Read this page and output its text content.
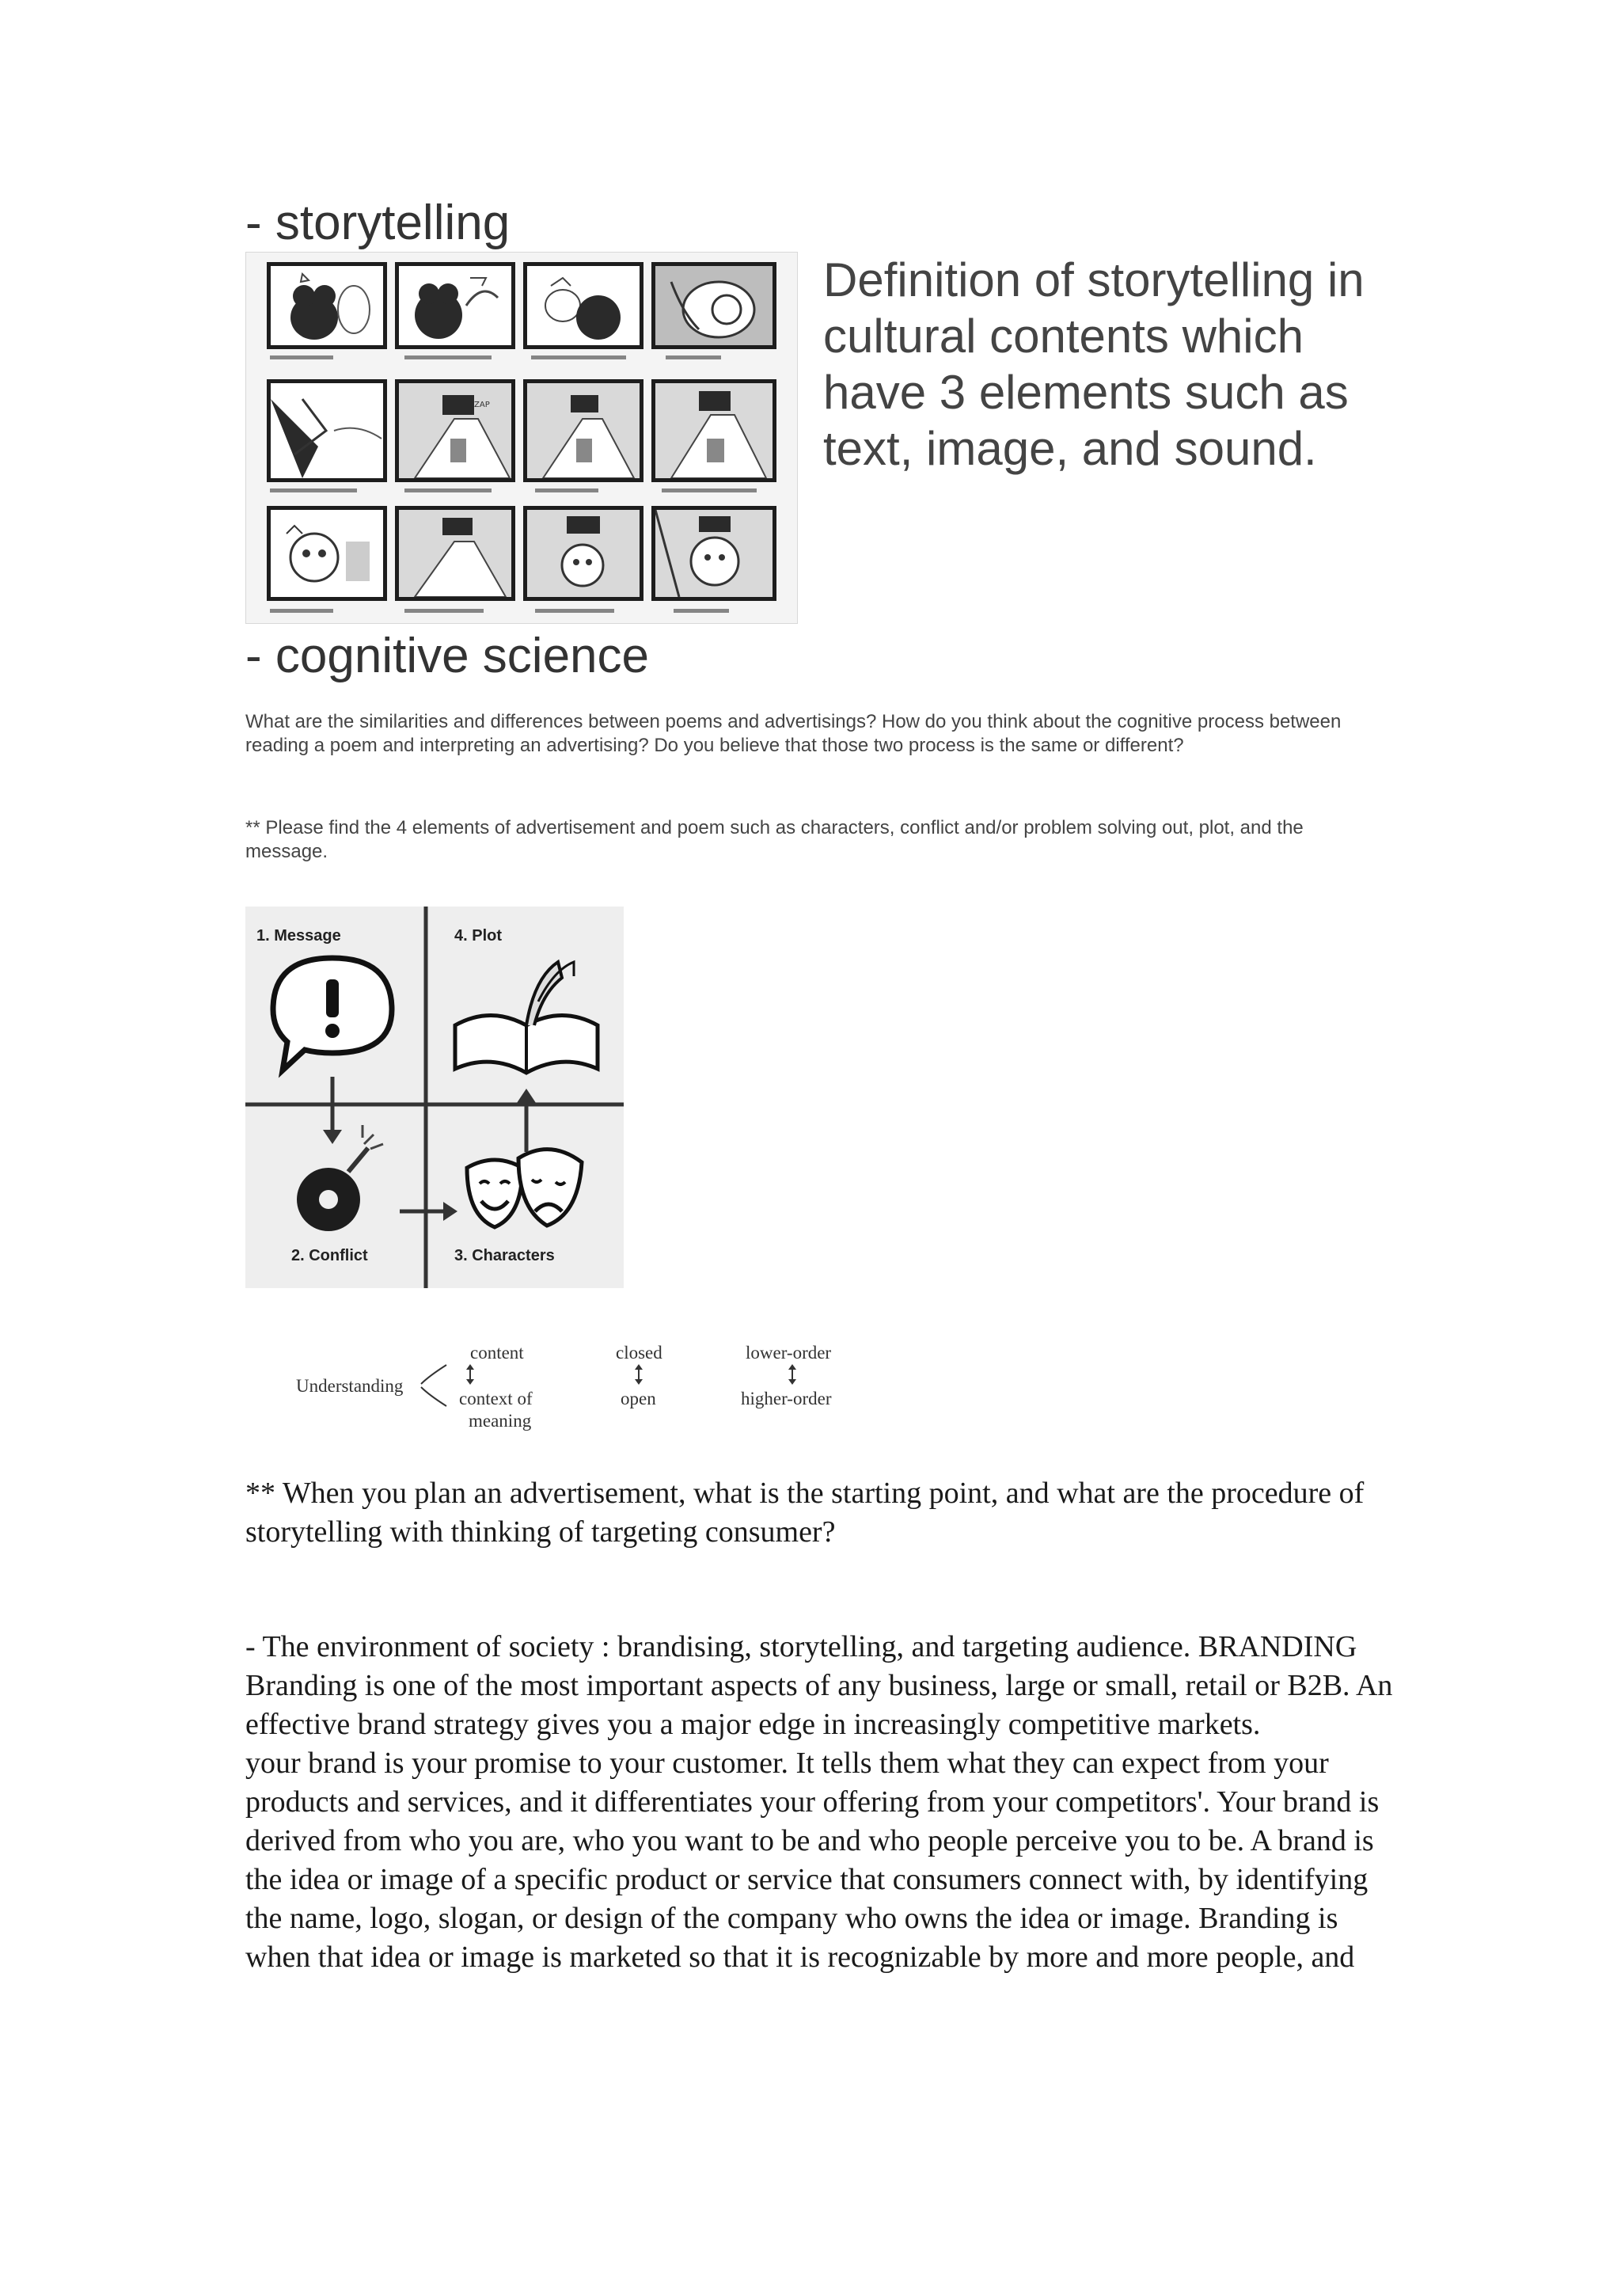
- storytelling
ZAP
Definition of storytelling in cultural contents which have 3 elements such as text, image, and sound.
- cognitive science
What are the similarities and differences between poems and advertisings? How do you think about the cognitive process between reading a poem and interpreting an advertising? Do you believe that those two process is the same or different?
** Please find the 4 elements of advertisement and poem such as characters, conflict and/or problem solving out, plot, and the message.
1. Message	4. Plot
2. Conflict	3. Characters
Understanding
content
context of
meaning
closed
open
lower-order
higher-order
** When you plan an advertisement, what is the starting point, and what are the procedure of storytelling with thinking of targeting consumer?

- The environment of society : brandising, storytelling, and targeting audience. BRANDING Branding is one of the most important aspects of any business, large or small, retail or B2B. An effective brand strategy gives you a major edge in increasingly competitive markets.

your brand is your promise to your customer. It tells them what they can expect from your products and services, and it differentiates your offering from your competitors'. Your brand is derived from who you are, who you want to be and who people perceive you to be. A brand is the idea or image of a specific product or service that consumers connect with, by identifying the name, logo, slogan, or design of the company who owns the idea or image. Branding is when that idea or image is marketed so that it is recognizable by more and more people, and
